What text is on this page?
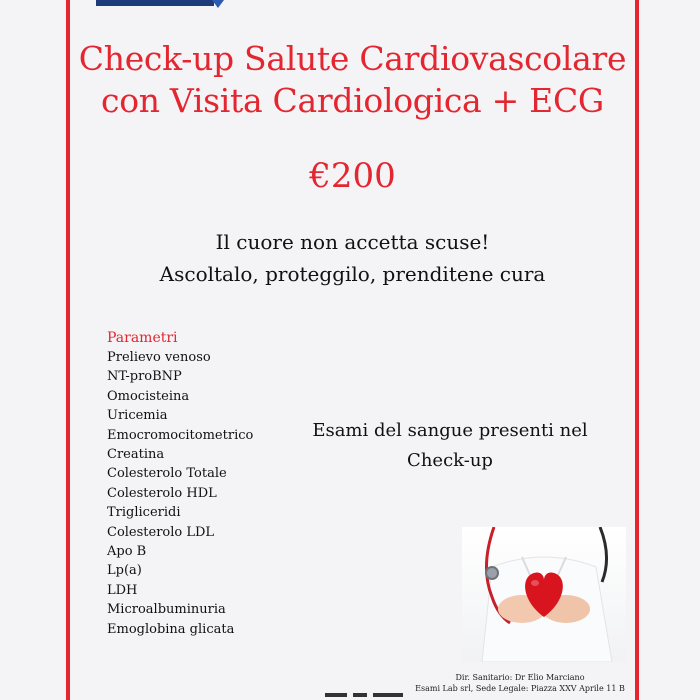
Check-up Salute Cardiovascolare
con Visita Cardiologica + ECG
€200
Il cuore non accetta scuse!
Ascoltalo, proteggilo, prenditene cura
Parametri
Prelievo venoso
NT-proBNP
Omocisteina
Uricemia
Emocromocitometrico
Creatina
Colesterolo Totale
Colesterolo HDL
Trigliceridi
Colesterolo LDL
Apo B
Lp(a)
LDH
Microalbuminuria
Emoglobina glicata
Esami del sangue presenti nel
Check-up
Dir. Sanitario: Dr Elio Marciano
Esami Lab srl, Sede Legale: Piazza XXV Aprile 11 B
